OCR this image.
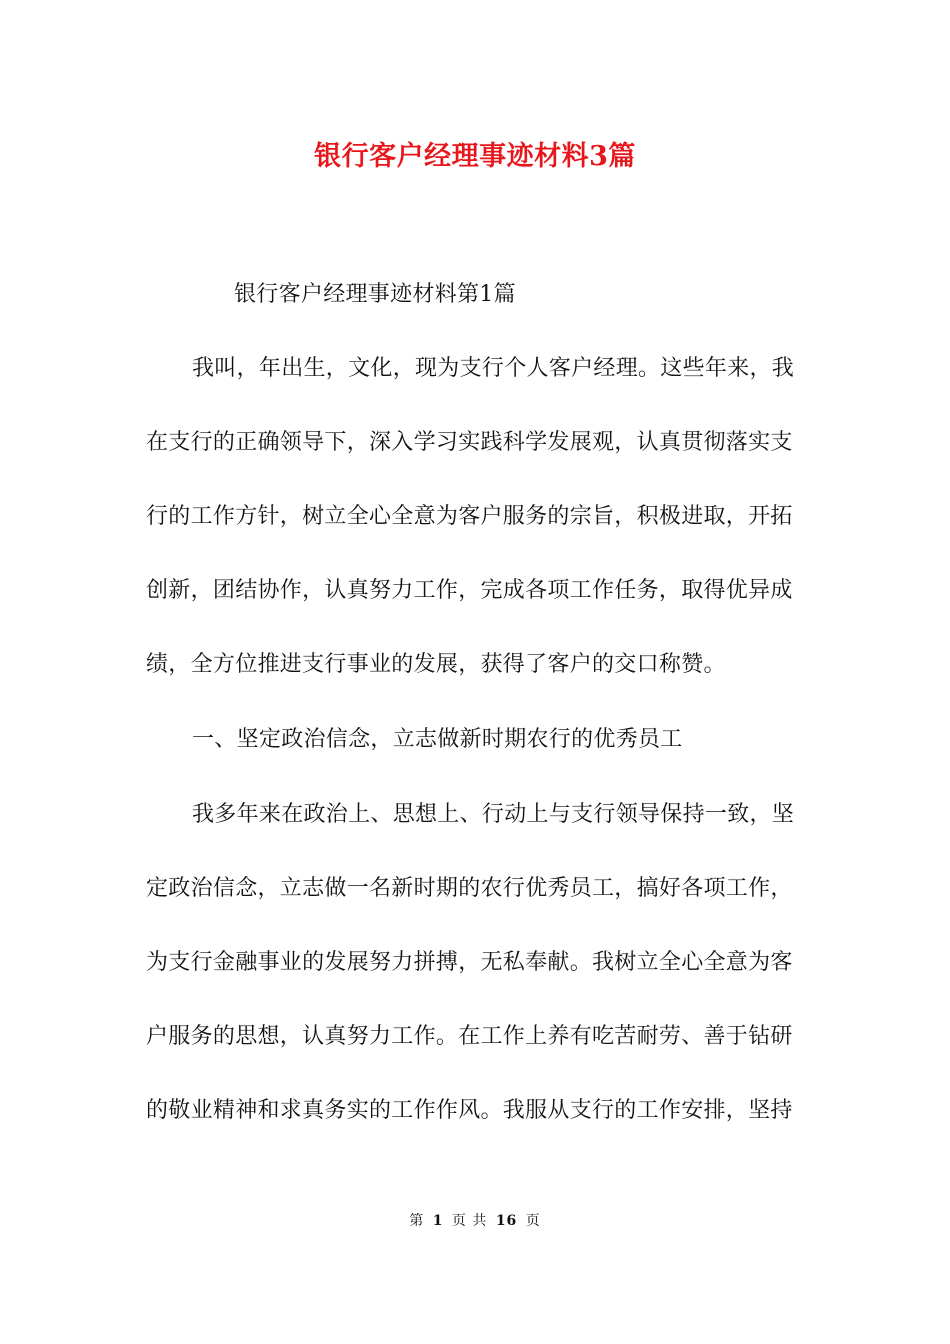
银行客户经理事迹材料3篇
银行客户经理事迹材料第1篇
我叫，年出生，文化，现为支行个人客户经理。这些年来，我
在支行的正确领导下，深入学习实践科学发展观，认真贯彻落实支
行的工作方针，树立全心全意为客户服务的宗旨，积极进取，开拓
创新，团结协作，认真努力工作，完成各项工作任务，取得优异成
绩，全方位推进支行事业的发展，获得了客户的交口称赞。
一、坚定政治信念，立志做新时期农行的优秀员工
我多年来在政治上、思想上、行动上与支行领导保持一致，坚
定政治信念，立志做一名新时期的农行优秀员工，搞好各项工作，
为支行金融事业的发展努力拼搏，无私奉献。我树立全心全意为客
户服务的思想，认真努力工作。在工作上养有吃苦耐劳、善于钻研
的敬业精神和求真务实的工作作风。我服从支行的工作安排，坚持
第 1 页 共 16 页
